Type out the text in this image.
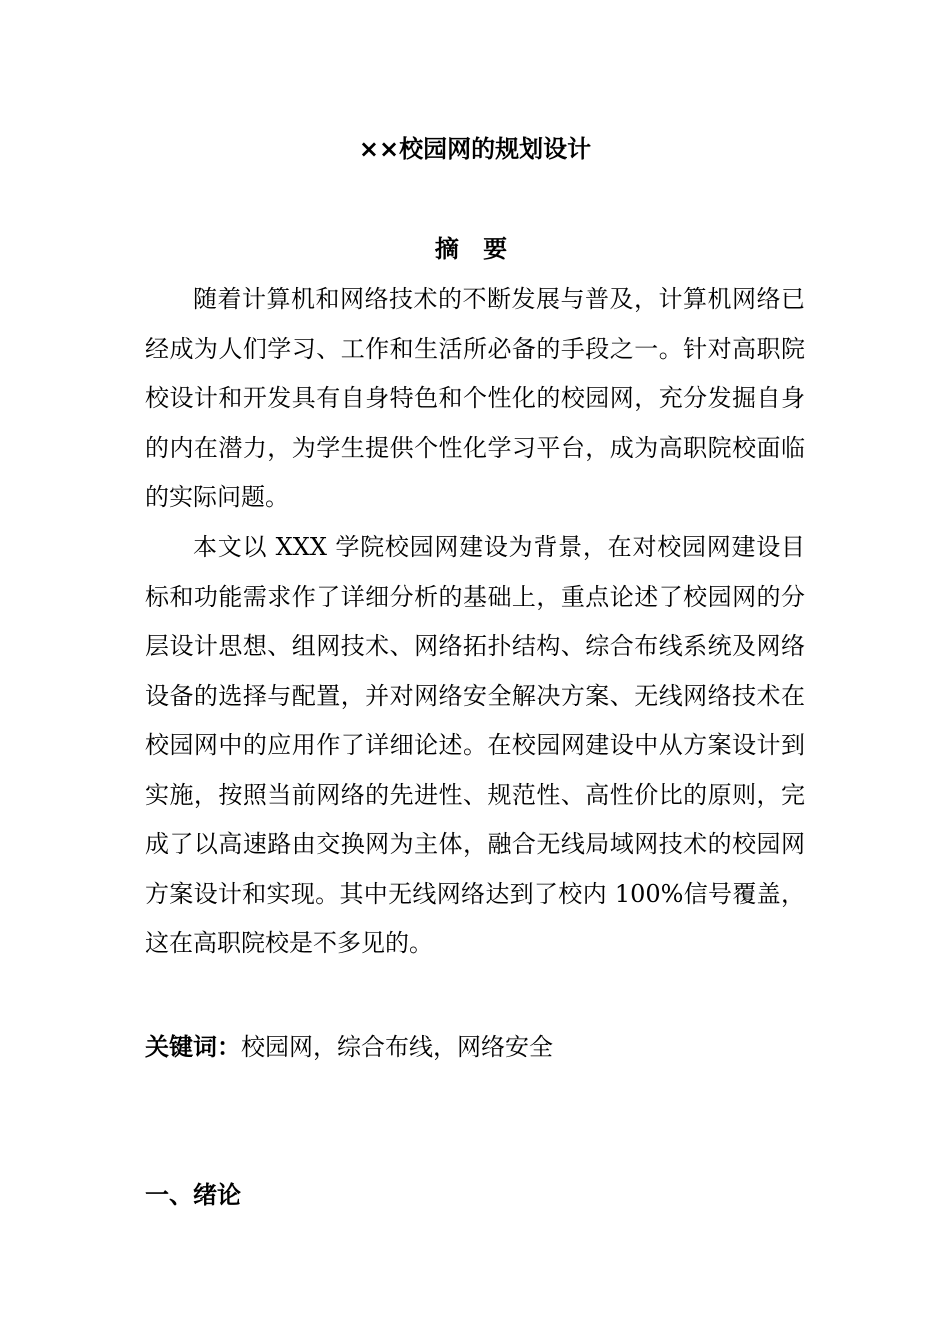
××校园网的规划设计
摘 要

随着计算机和网络技术的不断发展与普及，计算机网络已经成为人们学习、工作和生活所必备的手段之一。针对高职院校设计和开发具有自身特色和个性化的校园网，充分发掘自身的内在潜力，为学生提供个性化学习平台，成为高职院校面临的实际问题。

本文以 XXX 学院校园网建设为背景，在对校园网建设目标和功能需求作了详细分析的基础上，重点论述了校园网的分层设计思想、组网技术、网络拓扑结构、综合布线系统及网络设备的选择与配置，并对网络安全解决方案、无线网络技术在校园网中的应用作了详细论述。在校园网建设中从方案设计到实施，按照当前网络的先进性、规范性、高性价比的原则，完成了以高速路由交换网为主体，融合无线局域网技术的校园网方案设计和实现。其中无线网络达到了校内 100%信号覆盖，这在高职院校是不多见的。

关键词：校园网，综合布线，网络安全
一、绪论
